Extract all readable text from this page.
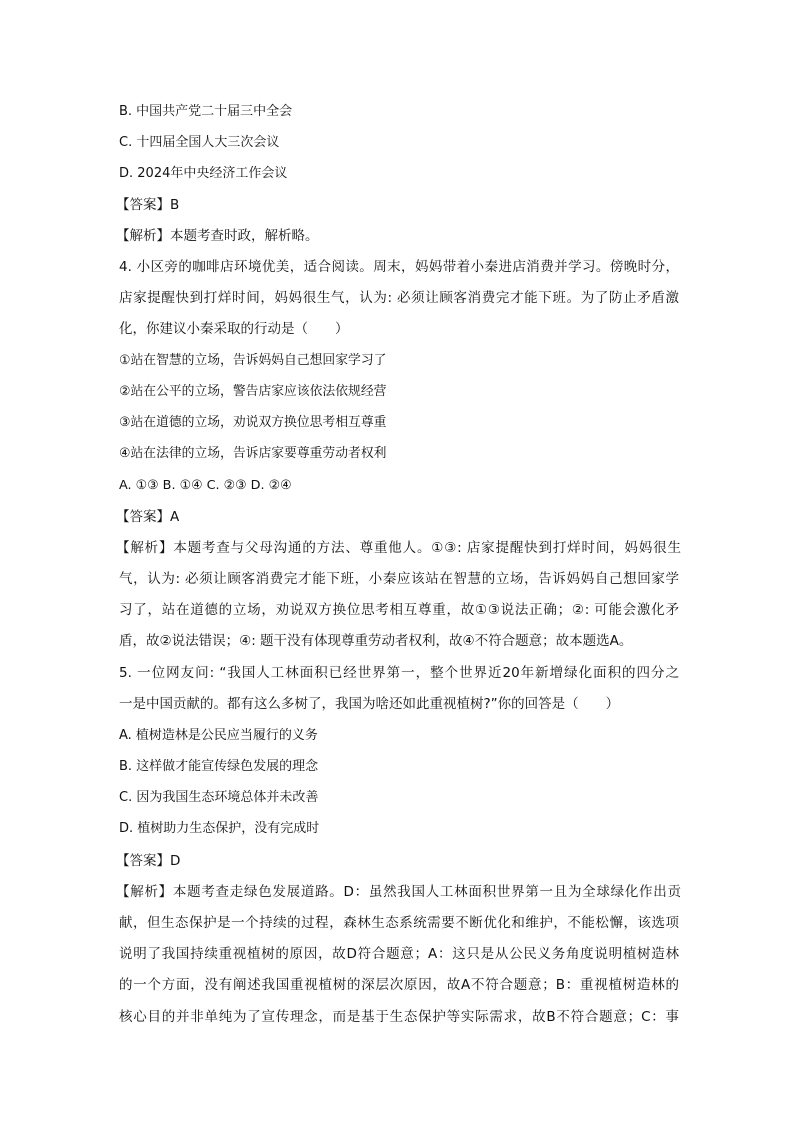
B. 中国共产党二十届三中全会
C. 十四届全国人大三次会议
D. 2024年中央经济工作会议
【答案】B
【解析】本题考查时政，解析略。
4. 小区旁的咖啡店环境优美，适合阅读。周末，妈妈带着小秦进店消费并学习。傍晚时分，
店家提醒快到打烊时间，妈妈很生气，认为: 必须让顾客消费完才能下班。为了防止矛盾激
化，你建议小秦采取的行动是（　　）
①站在智慧的立场，告诉妈妈自己想回家学习了
②站在公平的立场，警告店家应该依法依规经营
③站在道德的立场，劝说双方换位思考相互尊重
④站在法律的立场，告诉店家要尊重劳动者权利
A. ①③ B. ①④ C. ②③ D. ②④
【答案】A
【解析】本题考查与父母沟通的方法、尊重他人。①③: 店家提醒快到打烊时间，妈妈很生
气，认为: 必须让顾客消费完才能下班，小秦应该站在智慧的立场，告诉妈妈自己想回家学
习了，站在道德的立场，劝说双方换位思考相互尊重，故①③说法正确；②: 可能会激化矛
盾，故②说法错误；④: 题干没有体现尊重劳动者权利，故④不符合题意；故本题选A。
5. 一位网友问: “我国人工林面积已经世界第一，整个世界近20年新增绿化面积的四分之
一是中国贡献的。都有这么多树了，我国为啥还如此重视植树?”你的回答是（　　）
A. 植树造林是公民应当履行的义务
B. 这样做才能宣传绿色发展的理念
C. 因为我国生态环境总体并未改善
D. 植树助力生态保护，没有完成时
【答案】D
【解析】本题考查走绿色发展道路。D：虽然我国人工林面积世界第一且为全球绿化作出贡
献，但生态保护是一个持续的过程，森林生态系统需要不断优化和维护，不能松懈，该选项
说明了我国持续重视植树的原因，故D符合题意；A：这只是从公民义务角度说明植树造林
的一个方面，没有阐述我国重视植树的深层次原因，故A不符合题意；B：重视植树造林的
核心目的并非单纯为了宣传理念，而是基于生态保护等实际需求，故B不符合题意；C：事
